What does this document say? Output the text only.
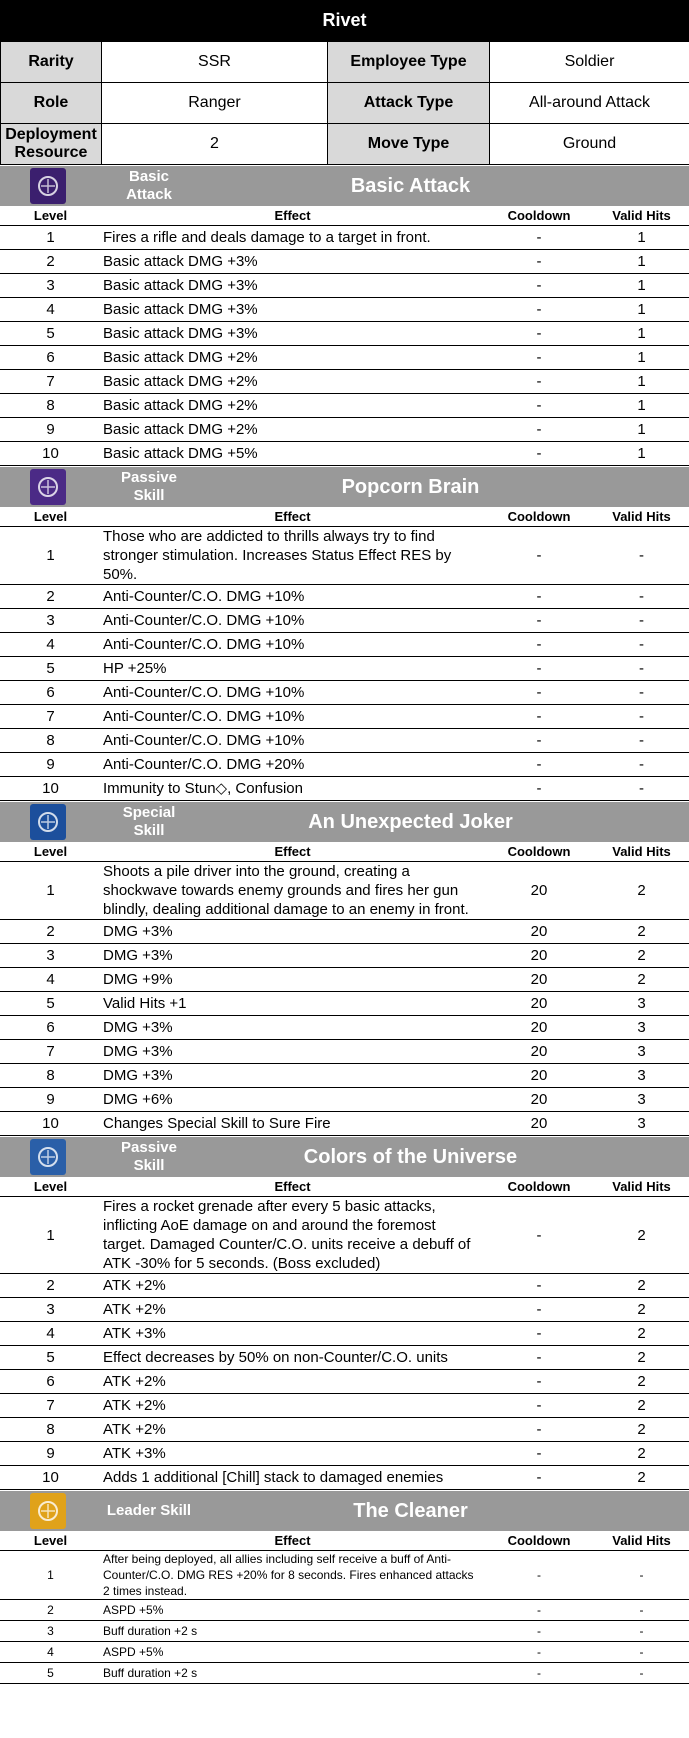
Rivet
Rarity	SSR	Employee Type	Soldier
Role	Ranger	Attack Type	All-around Attack
Deployment Resource	2	Move Type	Ground
Basic Attack	Basic Attack
Level	Effect	Cooldown	Valid Hits
1	Fires a rifle and deals damage to a target in front.	-	1
2	Basic attack DMG +3%	-	1
3	Basic attack DMG +3%	-	1
4	Basic attack DMG +3%	-	1
5	Basic attack DMG +3%	-	1
6	Basic attack DMG +2%	-	1
7	Basic attack DMG +2%	-	1
8	Basic attack DMG +2%	-	1
9	Basic attack DMG +2%	-	1
10	Basic attack DMG +5%	-	1
Passive Skill	Popcorn Brain
Level	Effect	Cooldown	Valid Hits
1	Those who are addicted to thrills always try to find stronger stimulation. Increases Status Effect RES by 50%.	-	-
2	Anti-Counter/C.O. DMG +10%	-	-
3	Anti-Counter/C.O. DMG +10%	-	-
4	Anti-Counter/C.O. DMG +10%	-	-
5	HP +25%	-	-
6	Anti-Counter/C.O. DMG +10%	-	-
7	Anti-Counter/C.O. DMG +10%	-	-
8	Anti-Counter/C.O. DMG +10%	-	-
9	Anti-Counter/C.O. DMG +20%	-	-
10	Immunity to Stun◇, Confusion	-	-
Special Skill	An Unexpected Joker
Level	Effect	Cooldown	Valid Hits
1	Shoots a pile driver into the ground, creating a shockwave towards enemy grounds and fires her gun blindly, dealing additional damage to an enemy in front.	20	2
2	DMG +3%	20	2
3	DMG +3%	20	2
4	DMG +9%	20	2
5	Valid Hits +1	20	3
6	DMG +3%	20	3
7	DMG +3%	20	3
8	DMG +3%	20	3
9	DMG +6%	20	3
10	Changes Special Skill to Sure Fire	20	3
Passive Skill	Colors of the Universe
Level	Effect	Cooldown	Valid Hits
1	Fires a rocket grenade after every 5 basic attacks, inflicting AoE damage on and around the foremost target. Damaged Counter/C.O. units receive a debuff of ATK -30% for 5 seconds. (Boss excluded)	-	2
2	ATK +2%	-	2
3	ATK +2%	-	2
4	ATK +3%	-	2
5	Effect decreases by 50% on non-Counter/C.O. units	-	2
6	ATK +2%	-	2
7	ATK +2%	-	2
8	ATK +2%	-	2
9	ATK +3%	-	2
10	Adds 1 additional [Chill] stack to damaged enemies	-	2
Leader Skill	The Cleaner
Level	Effect	Cooldown	Valid Hits
1	After being deployed, all allies including self receive a buff of Anti-Counter/C.O. DMG RES +20% for 8 seconds. Fires enhanced attacks 2 times instead.	-	-
2	ASPD +5%	-	-
3	Buff duration +2 s	-	-
4	ASPD +5%	-	-
5	Buff duration +2 s	-	-
